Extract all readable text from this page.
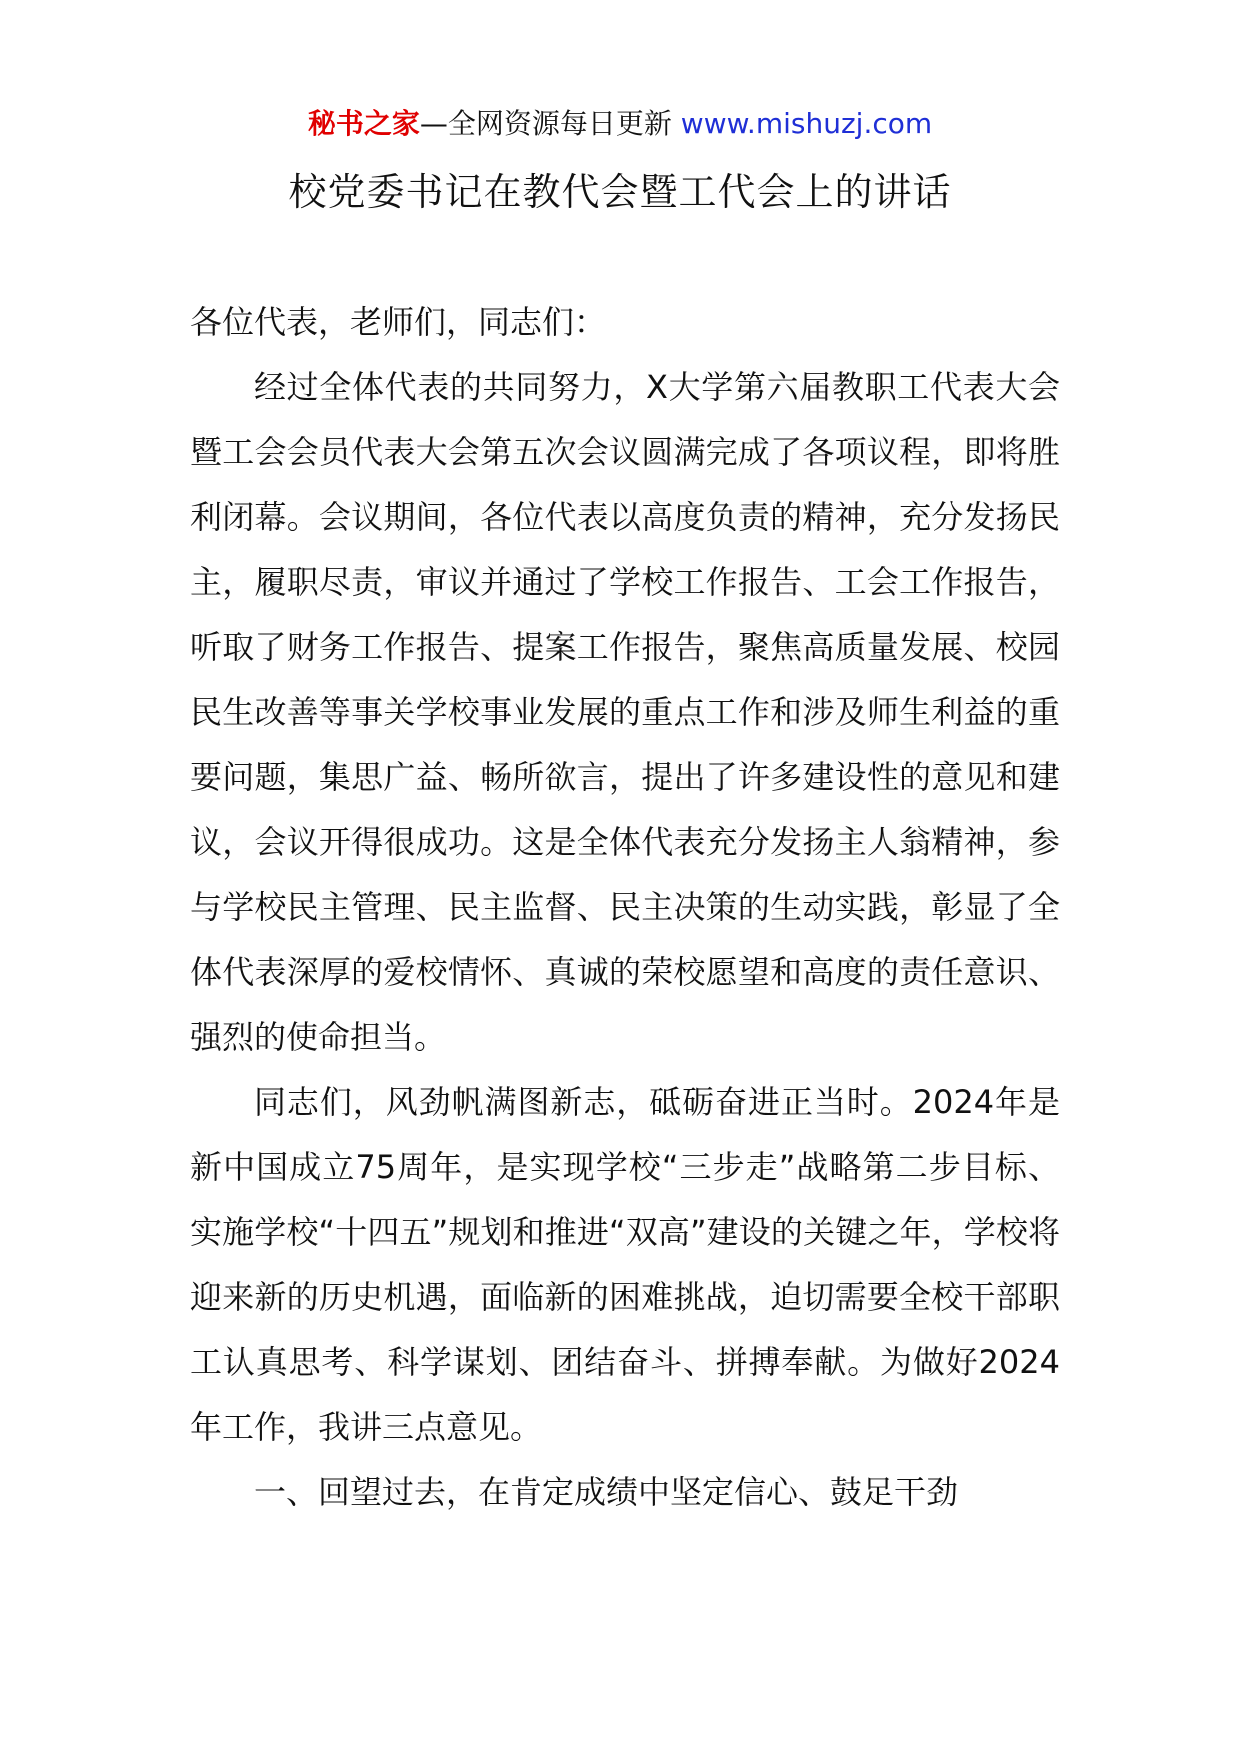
秘书之家—全网资源每日更新 www.mishuzj.com
校党委书记在教代会暨工代会上的讲话

各位代表，老师们，同志们：

经过全体代表的共同努力，X大学第六届教职工代表大会暨工会会员代表大会第五次会议圆满完成了各项议程，即将胜利闭幕。会议期间，各位代表以高度负责的精神，充分发扬民主，履职尽责，审议并通过了学校工作报告、工会工作报告，听取了财务工作报告、提案工作报告，聚焦高质量发展、校园民生改善等事关学校事业发展的重点工作和涉及师生利益的重要问题，集思广益、畅所欲言，提出了许多建设性的意见和建议，会议开得很成功。这是全体代表充分发扬主人翁精神，参与学校民主管理、民主监督、民主决策的生动实践，彰显了全体代表深厚的爱校情怀、真诚的荣校愿望和高度的责任意识、强烈的使命担当。

同志们，风劲帆满图新志，砥砺奋进正当时。2024年是新中国成立75周年，是实现学校“三步走”战略第二步目标、实施学校“十四五”规划和推进“双高”建设的关键之年，学校将迎来新的历史机遇，面临新的困难挑战，迫切需要全校干部职工认真思考、科学谋划、团结奋斗、拼搏奉献。为做好2024年工作，我讲三点意见。

一、回望过去，在肯定成绩中坚定信心、鼓足干劲
